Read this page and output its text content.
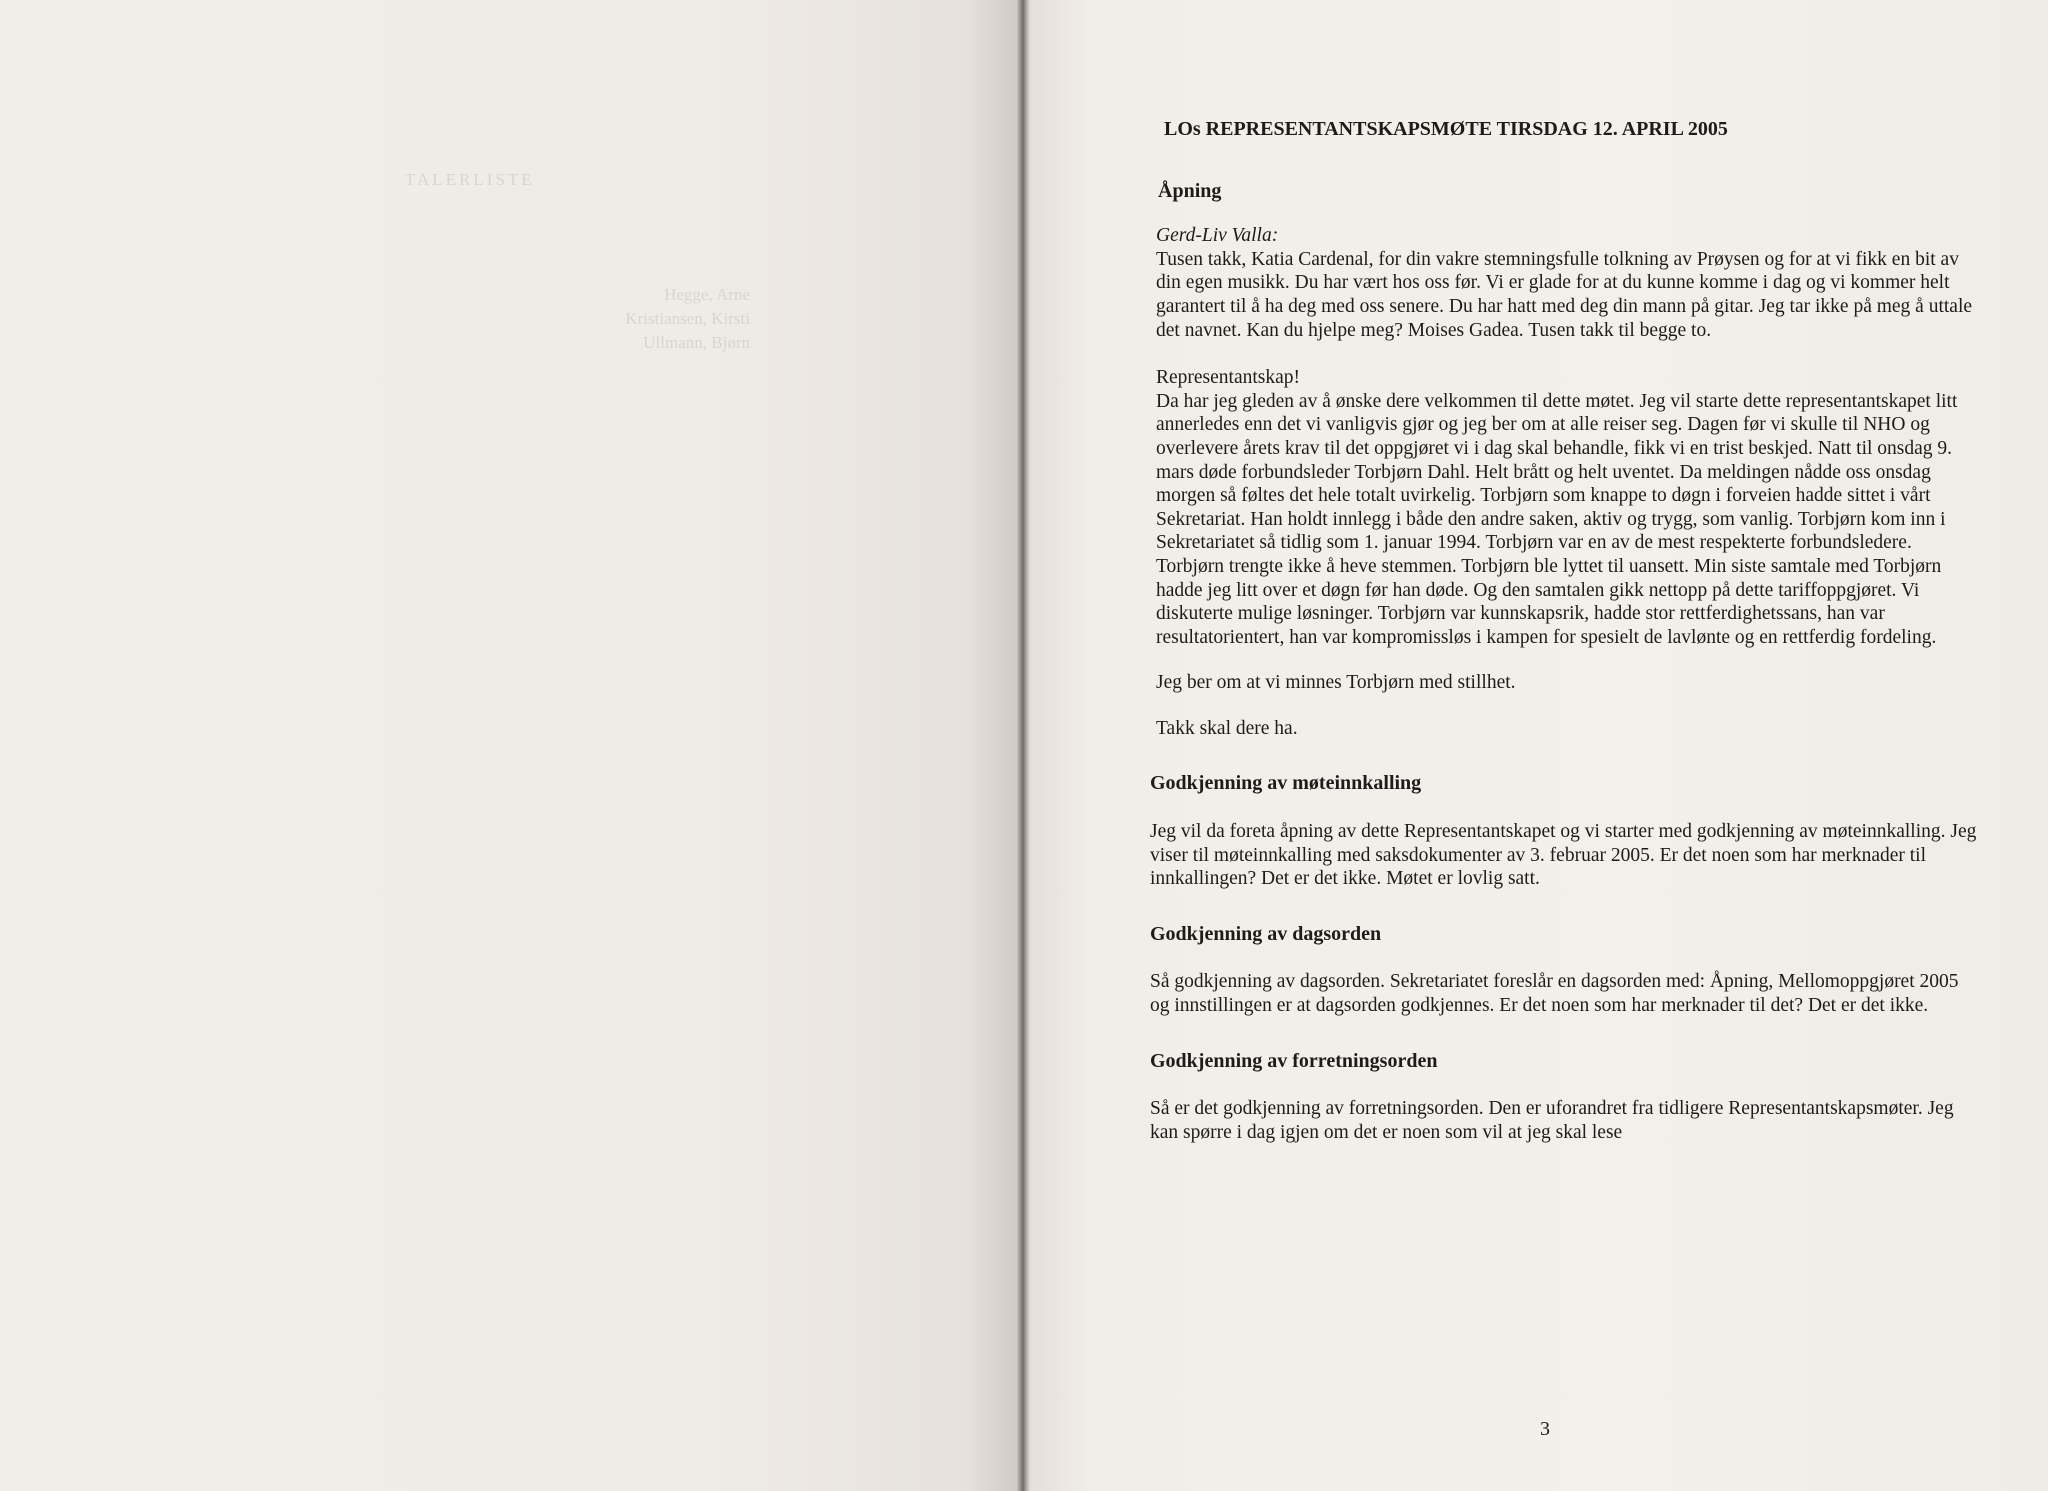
TALERLISTE
Hegge, Arne
Kristiansen, Kirsti
Ullmann, Bjørn
LOs REPRESENTANTSKAPSMØTE TIRSDAG 12. APRIL 2005
Åpning

Gerd-Liv Valla:

Tusen takk, Katia Cardenal, for din vakre stemningsfulle tolkning av Prøysen og for at vi fikk en bit av din egen musikk. Du har vært hos oss før. Vi er glade for at du kunne komme i dag og vi kommer helt garantert til å ha deg med oss senere. Du har hatt med deg din mann på gitar. Jeg tar ikke på meg å uttale det navnet. Kan du hjelpe meg? Moises Gadea. Tusen takk til begge to.

Representantskap!

Da har jeg gleden av å ønske dere velkommen til dette møtet. Jeg vil starte dette representantskapet litt annerledes enn det vi vanligvis gjør og jeg ber om at alle reiser seg. Dagen før vi skulle til NHO og overlevere årets krav til det oppgjøret vi i dag skal behandle, fikk vi en trist beskjed. Natt til onsdag 9. mars døde forbundsleder Torbjørn Dahl. Helt brått og helt uventet. Da meldingen nådde oss onsdag morgen så føltes det hele totalt uvirkelig. Torbjørn som knappe to døgn i forveien hadde sittet i vårt Sekretariat. Han holdt innlegg i både den andre saken, aktiv og trygg, som vanlig. Torbjørn kom inn i Sekretariatet så tidlig som 1. januar 1994. Torbjørn var en av de mest respekterte forbundsledere. Torbjørn trengte ikke å heve stemmen. Torbjørn ble lyttet til uansett. Min siste samtale med Torbjørn hadde jeg litt over et døgn før han døde. Og den samtalen gikk nettopp på dette tariffoppgjøret. Vi diskuterte mulige løsninger. Torbjørn var kunnskapsrik, hadde stor rettferdighetssans, han var resultatorientert, han var kompromissløs i kampen for spesielt de lavlønte og en rettferdig fordeling.

Jeg ber om at vi minnes Torbjørn med stillhet.

Takk skal dere ha.

Godkjenning av møteinnkalling

Jeg vil da foreta åpning av dette Representantskapet og vi starter med godkjenning av møteinnkalling. Jeg viser til møteinnkalling med saksdokumenter av 3. februar 2005. Er det noen som har merknader til innkallingen? Det er det ikke. Møtet er lovlig satt.

Godkjenning av dagsorden

Så godkjenning av dagsorden. Sekretariatet foreslår en dagsorden med: Åpning, Mellomoppgjøret 2005 og innstillingen er at dagsorden godkjennes. Er det noen som har merknader til det? Det er det ikke.

Godkjenning av forretningsorden

Så er det godkjenning av forretningsorden. Den er uforandret fra tidligere Representantskapsmøter. Jeg kan spørre i dag igjen om det er noen som vil at jeg skal lese

3
